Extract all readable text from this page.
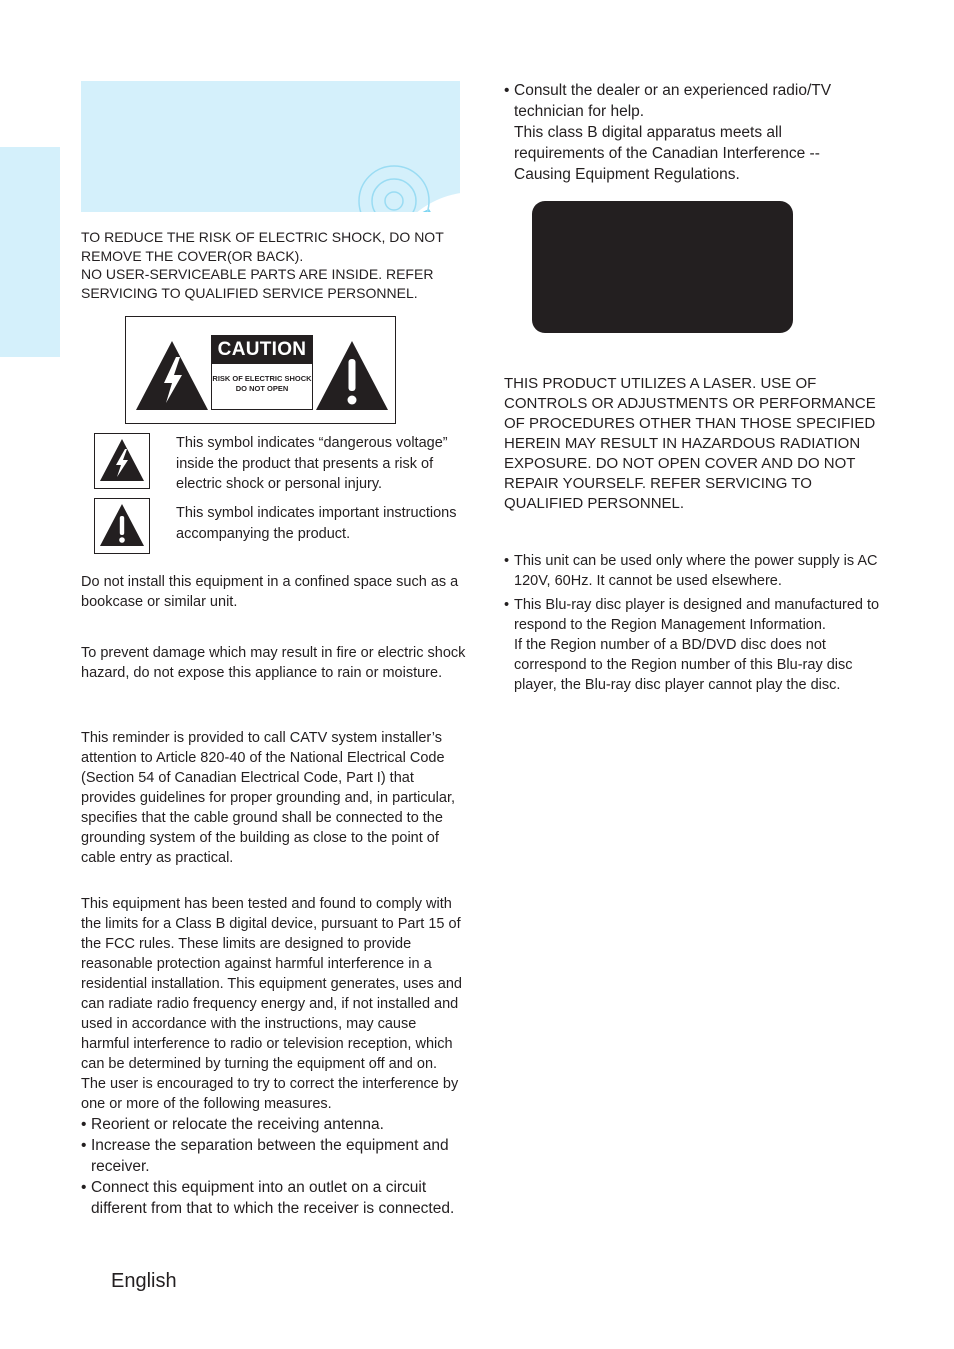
TO REDUCE THE RISK OF ELECTRIC SHOCK, DO NOT
REMOVE THE COVER(OR BACK).
NO USER-SERVICEABLE PARTS ARE INSIDE. REFER
SERVICING TO QUALIFIED SERVICE PERSONNEL.
CAUTION
RISK OF ELECTRIC SHOCK
DO NOT OPEN
This symbol indicates “dangerous voltage” inside the product that presents a risk of electric shock or personal injury.
This symbol indicates important instructions accompanying the product.
Do not install this equipment in a confined space such as a bookcase or similar unit.
To prevent damage which may result in fire or electric shock hazard, do not expose this appliance to rain or moisture.
This reminder is provided to call CATV system installer’s attention to Article 820-40 of the National Electrical Code (Section 54 of Canadian Electrical Code, Part I) that provides guidelines for proper grounding and, in particular, specifies that the cable ground shall be connected to the grounding system of the building as close to the point of cable entry as practical.

This equipment has been tested and found to comply with the limits for a Class B digital device, pursuant to Part 15 of the FCC rules. These limits are designed to provide reasonable protection against harmful interference in a residential installation. This equipment generates, uses and can radiate radio frequency energy and, if not installed and used in accordance with the instructions, may cause harmful interference to radio or television reception, which can be determined by turning the equipment off and on.

The user is encouraged to try to correct the interference by one or more of the following measures.

• Reorient or relocate the receiving antenna.
• Increase the separation between the equipment and receiver.
• Connect this equipment into an outlet on a circuit different from that to which the receiver is connected.
• Consult the dealer or an experienced radio/TV technician for help.
This class B digital apparatus meets all requirements of the Canadian Interference -- Causing Equipment Regulations.
THIS PRODUCT UTILIZES A LASER. USE OF CONTROLS OR ADJUSTMENTS OR PERFORMANCE OF PROCEDURES OTHER THAN THOSE SPECIFIED HEREIN MAY RESULT IN HAZARDOUS RADIATION EXPOSURE. DO NOT OPEN COVER AND DO NOT REPAIR YOURSELF. REFER SERVICING TO QUALIFIED PERSONNEL.
• This unit can be used only where the power supply is AC 120V, 60Hz. It cannot be used elsewhere.
• This Blu-ray disc player is designed and manufactured to respond to the Region Management Information.
If the Region number of a BD/DVD disc does not correspond to the Region number of this Blu-ray disc player, the Blu-ray disc player cannot play the disc.
English
